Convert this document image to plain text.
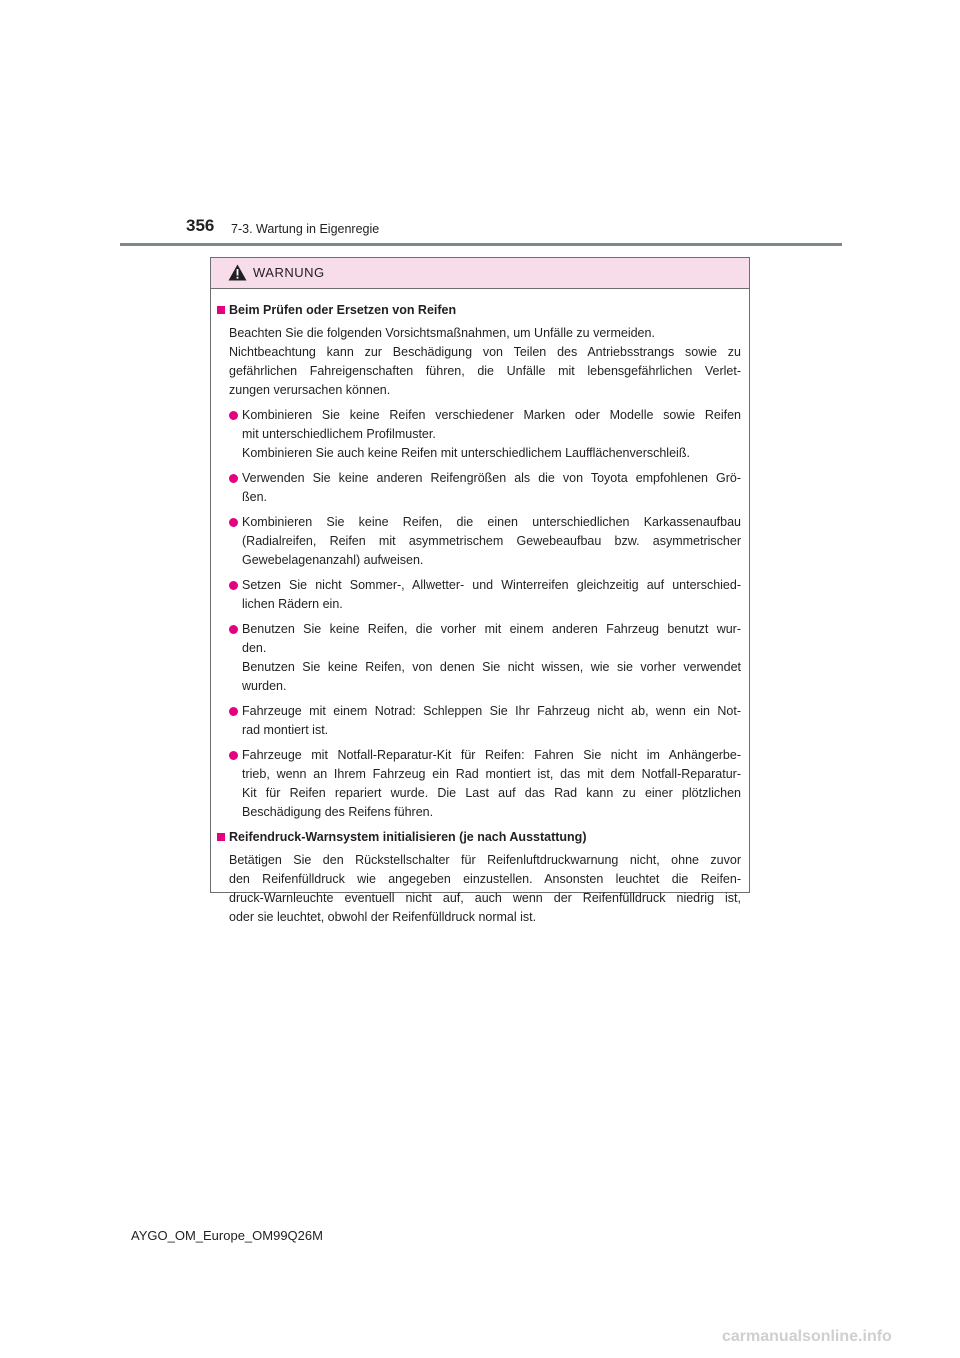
356 7-3. Wartung in Eigenregie
WARNUNG
Beim Prüfen oder Ersetzen von Reifen
Beachten Sie die folgenden Vorsichtsmaßnahmen, um Unfälle zu vermeiden.
Nichtbeachtung kann zur Beschädigung von Teilen des Antriebsstrangs sowie zu
gefährlichen Fahreigenschaften führen, die Unfälle mit lebensgefährlichen Verlet-
zungen verursachen können.
Kombinieren Sie keine Reifen verschiedener Marken oder Modelle sowie Reifen
mit unterschiedlichem Profilmuster.
Kombinieren Sie auch keine Reifen mit unterschiedlichem Laufflächenverschleiß.
Verwenden Sie keine anderen Reifengrößen als die von Toyota empfohlenen Grö-
ßen.
Kombinieren Sie keine Reifen, die einen unterschiedlichen Karkassenaufbau
(Radialreifen, Reifen mit asymmetrischem Gewebeaufbau bzw. asymmetrischer
Gewebelagenanzahl) aufweisen.
Setzen Sie nicht Sommer-, Allwetter- und Winterreifen gleichzeitig auf unterschied-
lichen Rädern ein.
Benutzen Sie keine Reifen, die vorher mit einem anderen Fahrzeug benutzt wur-
den.
Benutzen Sie keine Reifen, von denen Sie nicht wissen, wie sie vorher verwendet
wurden.
Fahrzeuge mit einem Notrad: Schleppen Sie Ihr Fahrzeug nicht ab, wenn ein Not-
rad montiert ist.
Fahrzeuge mit Notfall-Reparatur-Kit für Reifen: Fahren Sie nicht im Anhängerbe-
trieb, wenn an Ihrem Fahrzeug ein Rad montiert ist, das mit dem Notfall-Reparatur-
Kit für Reifen repariert wurde. Die Last auf das Rad kann zu einer plötzlichen
Beschädigung des Reifens führen.
Reifendruck-Warnsystem initialisieren (je nach Ausstattung)
Betätigen Sie den Rückstellschalter für Reifenluftdruckwarnung nicht, ohne zuvor
den Reifenfülldruck wie angegeben einzustellen. Ansonsten leuchtet die Reifen-
druck-Warnleuchte eventuell nicht auf, auch wenn der Reifenfülldruck niedrig ist,
oder sie leuchtet, obwohl der Reifenfülldruck normal ist.
AYGO_OM_Europe_OM99Q26M
carmanualsonline.info
